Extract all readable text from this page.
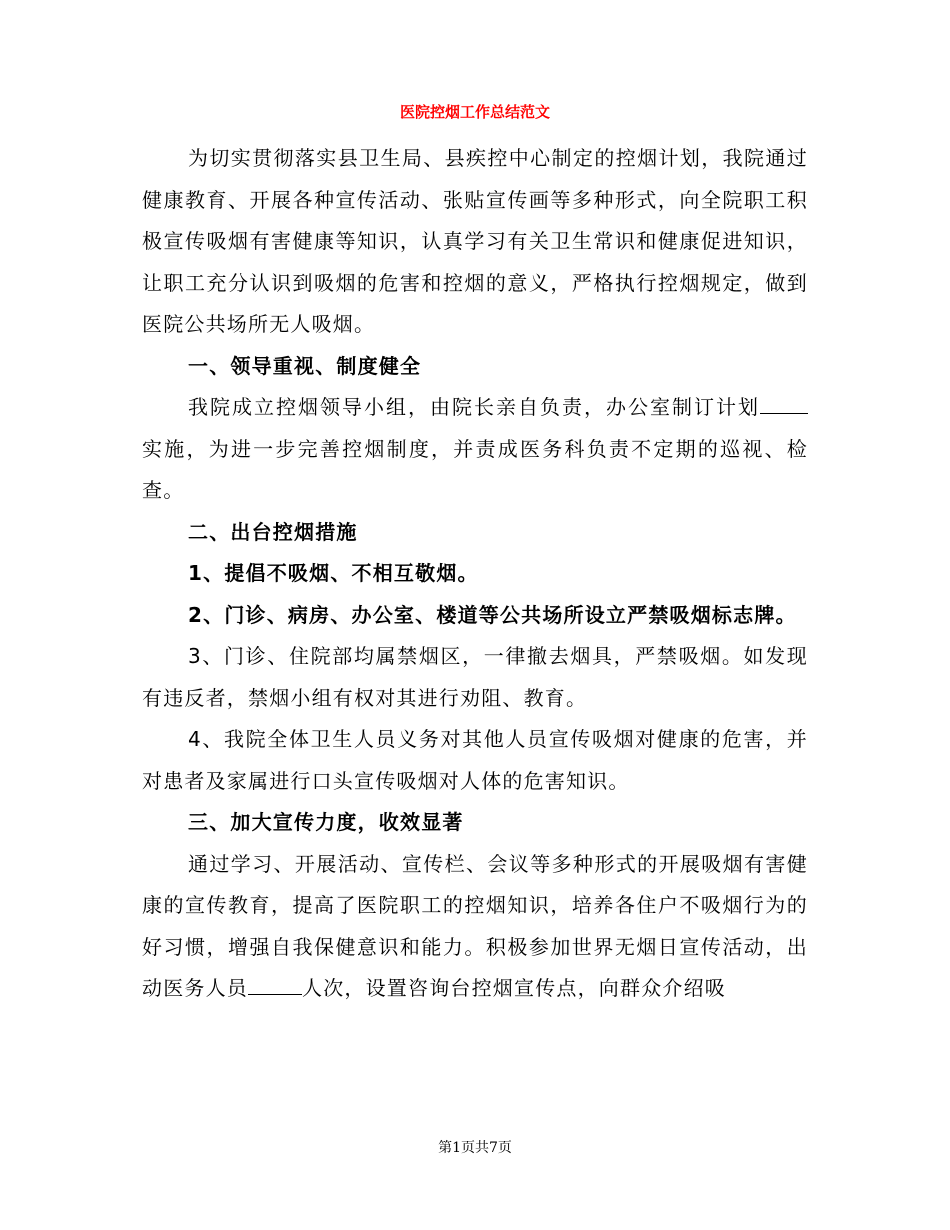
医院控烟工作总结范文

为切实贯彻落实县卫生局、县疾控中心制定的控烟计划，我院通过健康教育、开展各种宣传活动、张贴宣传画等多种形式，向全院职工积极宣传吸烟有害健康等知识，认真学习有关卫生常识和健康促进知识，让职工充分认识到吸烟的危害和控烟的意义，严格执行控烟规定，做到医院公共场所无人吸烟。

一、领导重视、制度健全

我院成立控烟领导小组，由院长亲自负责，办公室制订计划实施，为进一步完善控烟制度，并责成医务科负责不定期的巡视、检查。

二、出台控烟措施

1、提倡不吸烟、不相互敬烟。

2、门诊、病房、办公室、楼道等公共场所设立严禁吸烟标志牌。

3、门诊、住院部均属禁烟区，一律撤去烟具，严禁吸烟。如发现有违反者，禁烟小组有权对其进行劝阻、教育。

4、我院全体卫生人员义务对其他人员宣传吸烟对健康的危害，并对患者及家属进行口头宣传吸烟对人体的危害知识。

三、加大宣传力度，收效显著

通过学习、开展活动、宣传栏、会议等多种形式的开展吸烟有害健康的宣传教育，提高了医院职工的控烟知识，培养各住户不吸烟行为的好习惯，增强自我保健意识和能力。积极参加世界无烟日宣传活动，出动医务人员	人次，设置咨询台控烟宣传点，向群众介绍吸

第1页共7页
